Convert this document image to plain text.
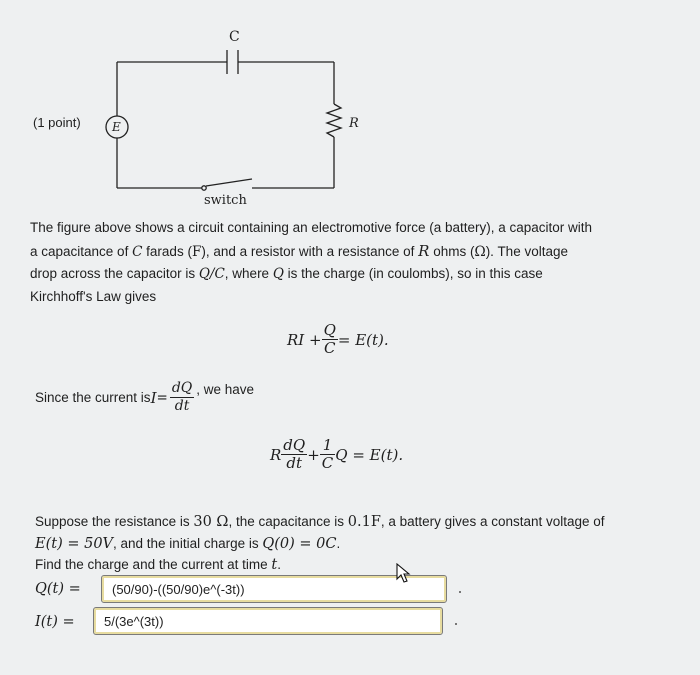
C
E	R
switch
(1 point)
The figure above shows a circuit containing an electromotive force (a battery), a capacitor with
a capacitance of C farads (F), and a resistor with a resistance of R ohms (Ω). The voltage
drop across the capacitor is Q/C, where Q is the charge (in coulombs), so in this case
Kirchhoff's Law gives
RI + $\frac{Q}{C} = E(t)$.
Since the current is $I = \frac{dQ}{dt}$ , we have
R $\frac{dQ}{dt} + \frac{1}{C}$ Q = E(t).
Suppose the resistance is 30 Ω, the capacitance is 0.1F, a battery gives a constant voltage of
E(t) = 50V, and the initial charge is Q(0) = 0C.
Find the charge and the current at time t.
Q(t) =	(50/90)-((50/90)e^(-3t))
I(t) =	5/(3e^(3t))
